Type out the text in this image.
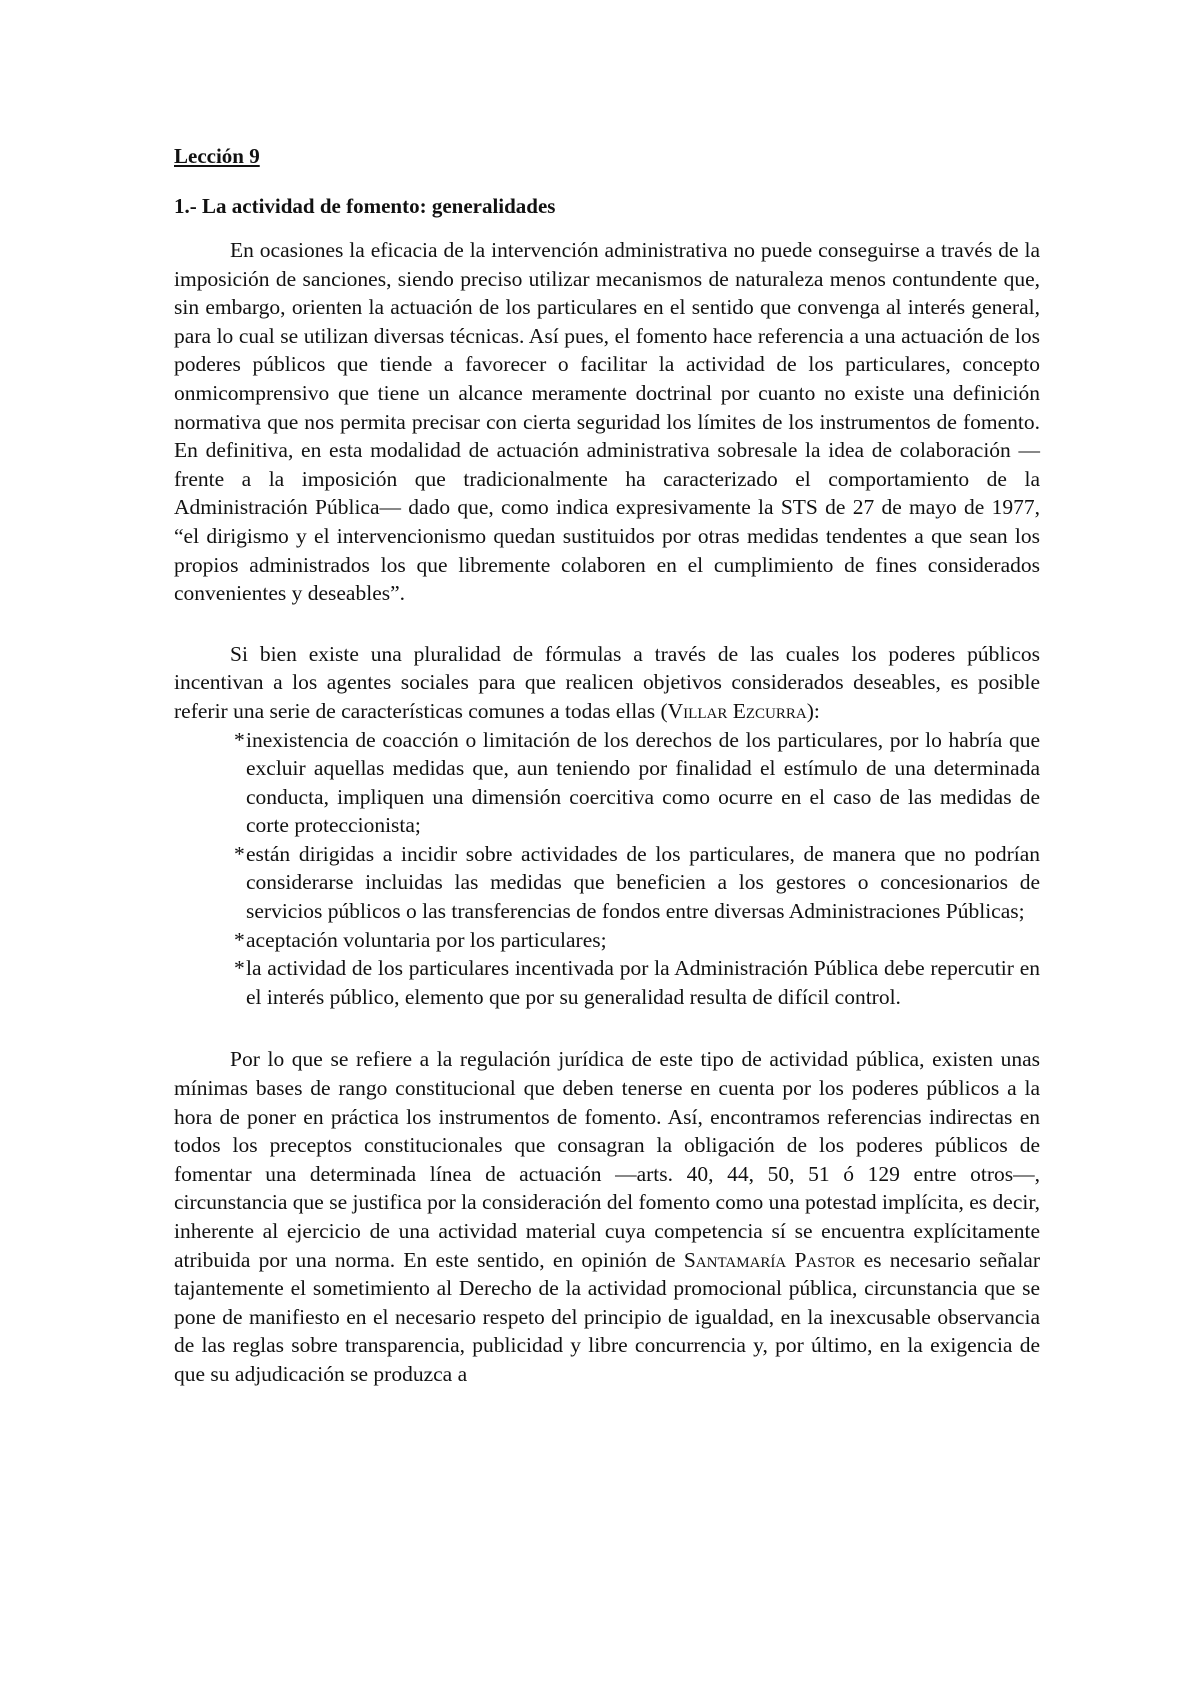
Lección 9

1.- La actividad de fomento: generalidades

En ocasiones la eficacia de la intervención administrativa no puede conseguirse a través de la imposición de sanciones, siendo preciso utilizar mecanismos de naturaleza menos contundente que, sin embargo, orienten la actuación de los particulares en el sentido que convenga al interés general, para lo cual se utilizan diversas técnicas. Así pues, el fomento hace referencia a una actuación de los poderes públicos que tiende a favorecer o facilitar la actividad de los particulares, concepto onmicomprensivo que tiene un alcance meramente doctrinal por cuanto no existe una definición normativa que nos permita precisar con cierta seguridad los límites de los instrumentos de fomento. En definitiva, en esta modalidad de actuación administrativa sobresale la idea de colaboración —frente a la imposición que tradicionalmente ha caracterizado el comportamiento de la Administración Pública— dado que, como indica expresivamente la STS de 27 de mayo de 1977, “el dirigismo y el intervencionismo quedan sustituidos por otras medidas tendentes a que sean los propios administrados los que libremente colaboren en el cumplimiento de fines considerados convenientes y deseables”.

Si bien existe una pluralidad de fórmulas a través de las cuales los poderes públicos incentivan a los agentes sociales para que realicen objetivos considerados deseables, es posible referir una serie de características comunes a todas ellas (Villar Ezcurra):

* inexistencia de coacción o limitación de los derechos de los particulares, por lo habría que excluir aquellas medidas que, aun teniendo por finalidad el estímulo de una determinada conducta, impliquen una dimensión coercitiva como ocurre en el caso de las medidas de corte proteccionista;
* están dirigidas a incidir sobre actividades de los particulares, de manera que no podrían considerarse incluidas las medidas que beneficien a los gestores o concesionarios de servicios públicos o las transferencias de fondos entre diversas Administraciones Públicas;
* aceptación voluntaria por los particulares;
* la actividad de los particulares incentivada por la Administración Pública debe repercutir en el interés público, elemento que por su generalidad resulta de difícil control.

Por lo que se refiere a la regulación jurídica de este tipo de actividad pública, existen unas mínimas bases de rango constitucional que deben tenerse en cuenta por los poderes públicos a la hora de poner en práctica los instrumentos de fomento. Así, encontramos referencias indirectas en todos los preceptos constitucionales que consagran la obligación de los poderes públicos de fomentar una determinada línea de actuación —arts. 40, 44, 50, 51 ó 129 entre otros—, circunstancia que se justifica por la consideración del fomento como una potestad implícita, es decir, inherente al ejercicio de una actividad material cuya competencia sí se encuentra explícitamente atribuida por una norma. En este sentido, en opinión de Santamaría Pastor es necesario señalar tajantemente el sometimiento al Derecho de la actividad promocional pública, circunstancia que se pone de manifiesto en el necesario respeto del principio de igualdad, en la inexcusable observancia de las reglas sobre transparencia, publicidad y libre concurrencia y, por último, en la exigencia de que su adjudicación se produzca a
